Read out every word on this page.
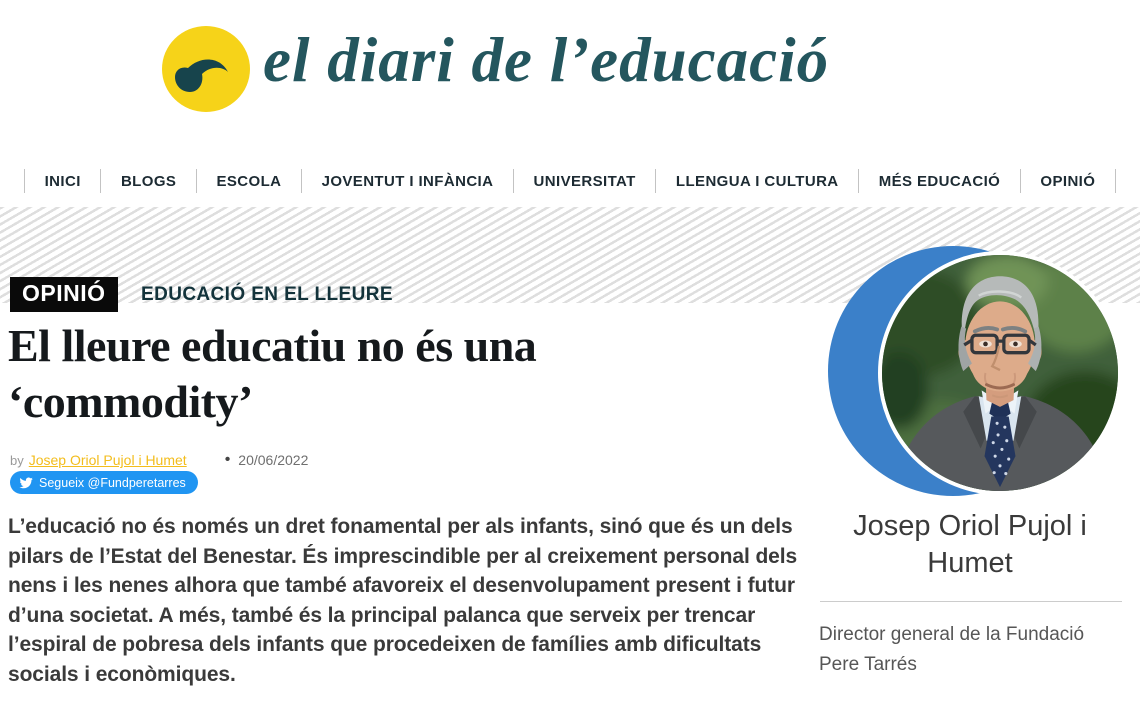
el diari de l’educació
INICI	BLOGS	ESCOLA	JOVENTUT I INFÀNCIA	UNIVERSITAT	LLENGUA I CULTURA	MÉS EDUCACIÓ	OPINIÓ
OPINIÓ	EDUCACIÓ EN EL LLEURE
El lleure educatiu no és una ‘commodity’
by Josep Oriol Pujol i Humet • 20/06/2022
Segueix @Fundperetarres

L’educació no és només un dret fonamental per als infants, sinó que és un dels pilars de l’Estat del Benestar. És imprescindible per al creixement personal dels nens i les nenes alhora que també afavoreix el desenvolupament present i futur d’una societat. A més, també és la principal palanca que serveix per trencar l’espiral de pobresa dels infants que procedeixen de famílies amb dificultats socials i econòmiques.

Josep Oriol Pujol i Humet
Director general de la Fundació Pere Tarrés
